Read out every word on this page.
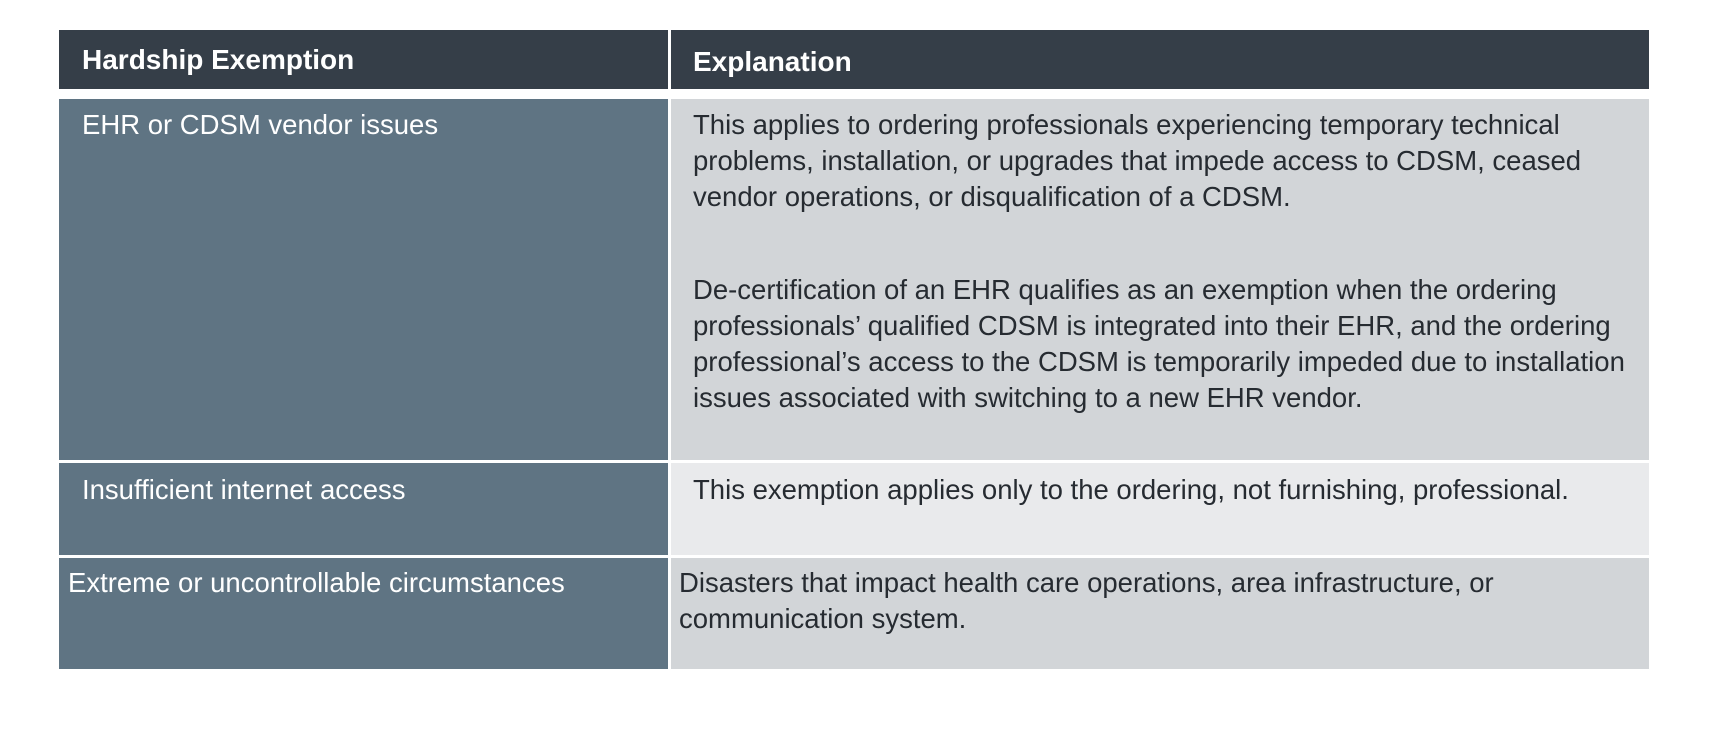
Hardship Exemption	Explanation
EHR or CDSM vendor issues	This applies to ordering professionals experiencing temporary technical problems, installation, or upgrades that impede access to CDSM, ceased vendor operations, or disqualification of a CDSM.

De-certification of an EHR qualifies as an exemption when the ordering professionals’ qualified CDSM is integrated into their EHR, and the ordering professional’s access to the CDSM is temporarily impeded due to installation issues associated with switching to a new EHR vendor.

Insufficient internet access	This exemption applies only to the ordering, not furnishing, professional.

Extreme or uncontrollable circumstances	Disasters that impact health care operations, area infrastructure, or communication system.
